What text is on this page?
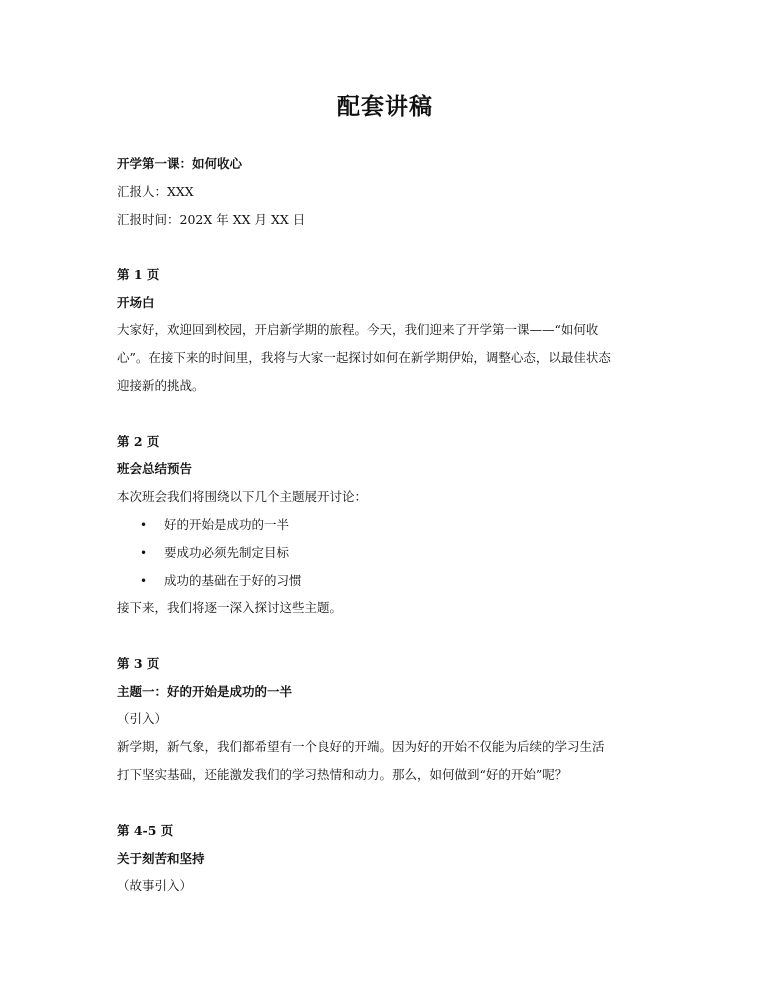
配套讲稿
开学第一课：如何收心
汇报人：XXX
汇报时间：202X 年 XX 月 XX 日
第 1 页
开场白
大家好，欢迎回到校园，开启新学期的旅程。今天，我们迎来了开学第一课——“如何收
心”。在接下来的时间里，我将与大家一起探讨如何在新学期伊始，调整心态，以最佳状态
迎接新的挑战。
第 2 页
班会总结预告
本次班会我们将围绕以下几个主题展开讨论：
• 好的开始是成功的一半
• 要成功必须先制定目标
• 成功的基础在于好的习惯
接下来，我们将逐一深入探讨这些主题。
第 3 页
主题一：好的开始是成功的一半
（引入）
新学期，新气象，我们都希望有一个良好的开端。因为好的开始不仅能为后续的学习生活
打下坚实基础，还能激发我们的学习热情和动力。那么，如何做到“好的开始”呢？
第 4-5 页
关于刻苦和坚持
（故事引入）
